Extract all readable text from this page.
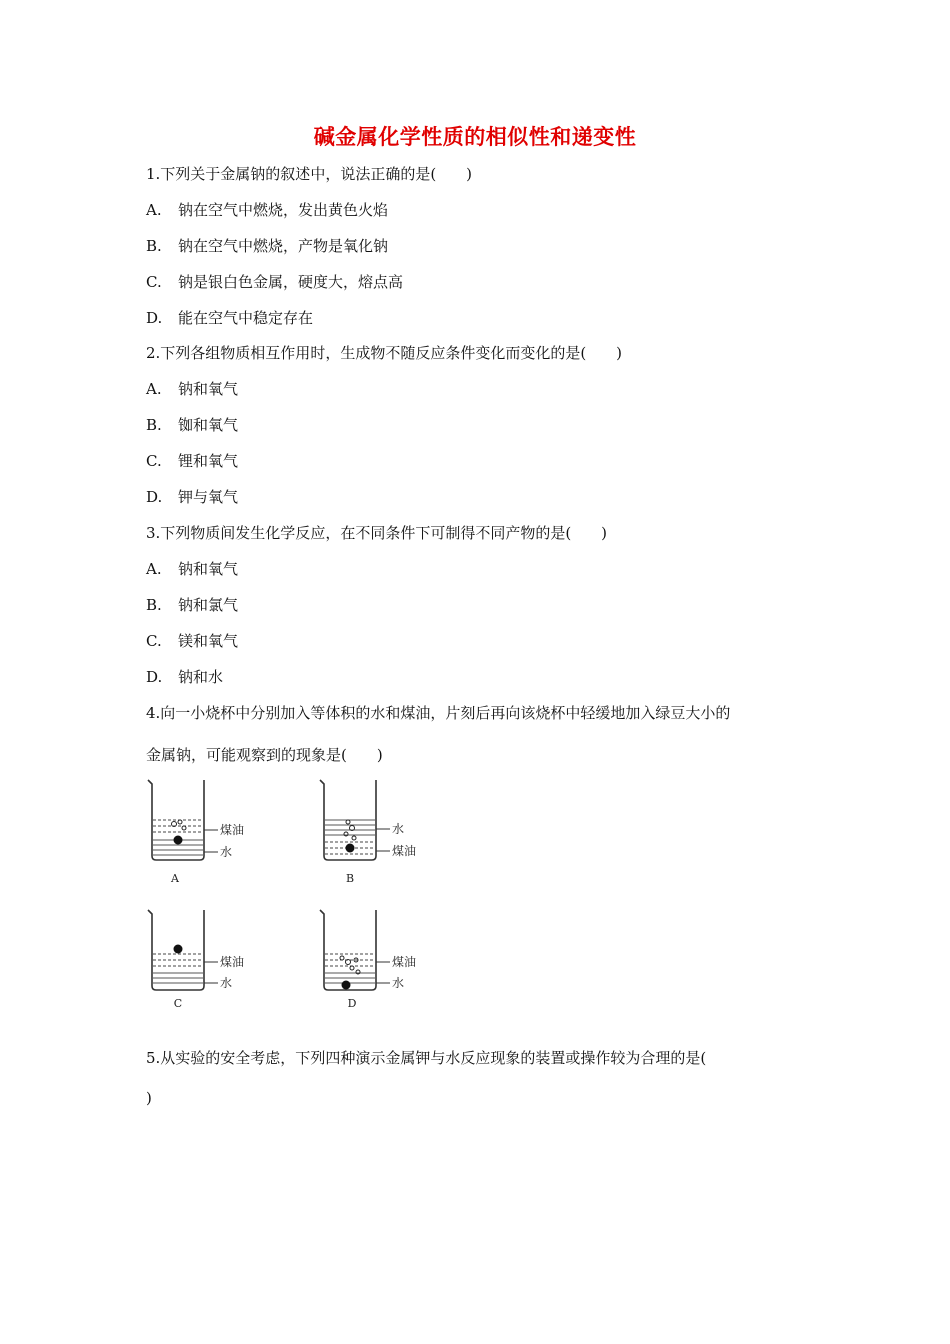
碱金属化学性质的相似性和递变性
1.下列关于金属钠的叙述中，说法正确的是(　　)
A. 钠在空气中燃烧，发出黄色火焰
B. 钠在空气中燃烧，产物是氧化钠
C. 钠是银白色金属，硬度大，熔点高
D. 能在空气中稳定存在
2.下列各组物质相互作用时，生成物不随反应条件变化而变化的是(　　)
A. 钠和氧气
B. 铷和氧气
C. 锂和氧气
D. 钾与氧气
3.下列物质间发生化学反应，在不同条件下可制得不同产物的是(　　)
A. 钠和氧气
B. 钠和氯气
C. 镁和氧气
D. 钠和水
4.向一小烧杯中分别加入等体积的水和煤油，片刻后再向该烧杯中轻缓地加入绿豆大小的
金属钠，可能观察到的现象是(　　)
煤油
水
A
水
煤油
B
煤油
水
C
煤油
水
D
5.从实验的安全考虑，下列四种演示金属钾与水反应现象的装置或操作较为合理的是(
)
